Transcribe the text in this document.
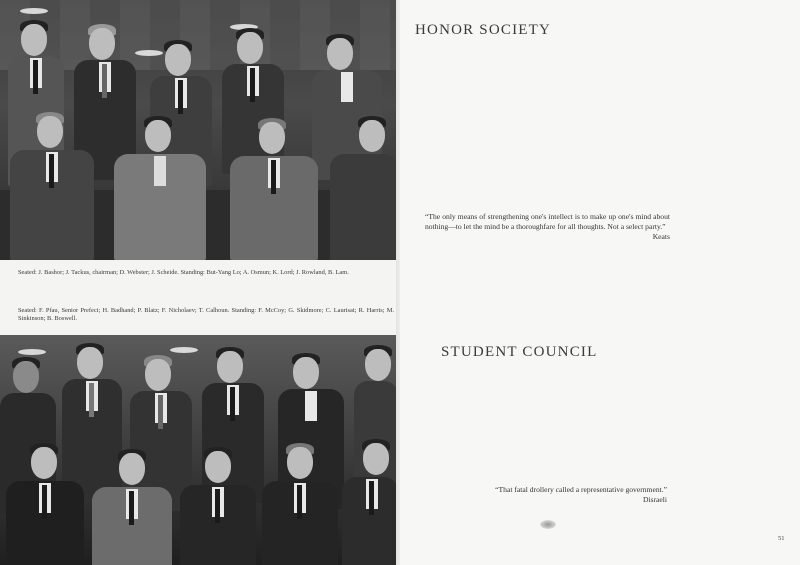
Seated: J. Bashor; J. Tackus, chairman; D. Webster; J. Scheide. Standing: But-Yang Lo; A. Osmun; K. Lord; J. Rowland, B. Lam.

Seated: F. Pfau, Senior Prefect; H. Badhand; P. Blatz; F. Nicholaev; T. Calhoun. Standing: F. McCoy; G. Skidmore; C. Laurisat; R. Harris; M. Sinkinson; B. Boswell.

HONOR SOCIETY

“The only means of strengthening one's intellect is to make up one's mind about nothing—to let the mind be a thoroughfare for all thoughts. Not a select party.”
Keats

STUDENT COUNCIL

“That fatal drollery called a representative government.”
Disraeli

51
